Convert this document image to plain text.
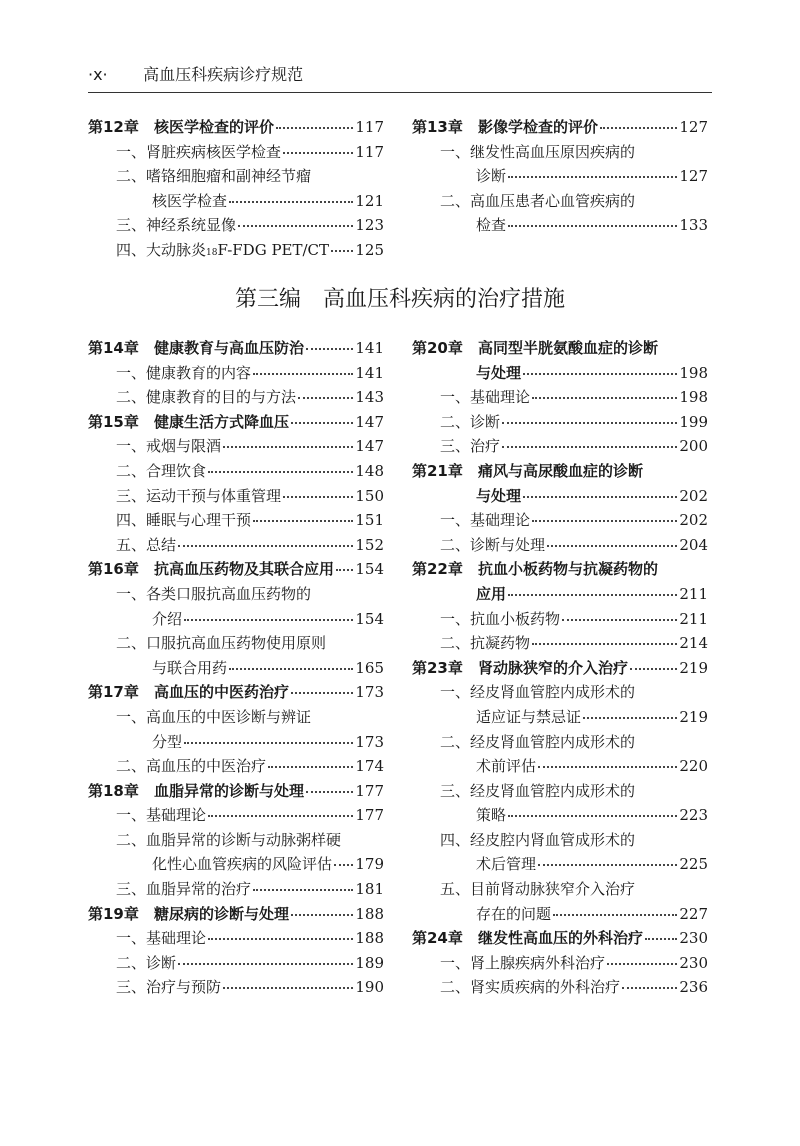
·x· 高血压科疾病诊疗规范
第12章	核医学检查的评价	117
一、肾脏疾病核医学检查	117
二、嗜铬细胞瘤和副神经节瘤
核医学检查	121
三、神经系统显像	123
四、大动脉炎 18 F-FDG PET/CT 125
第13章	影像学检查的评价	127
一、继发性高血压原因疾病的
诊断	127
二、高血压患者心血管疾病的
检查	133
第三编 高血压科疾病的治疗措施
第14章	健康教育与高血压防治	141
一、健康教育的内容	141
二、健康教育的目的与方法	143
第15章	健康生活方式降血压	147
一、戒烟与限酒	147
二、合理饮食	148
三、运动干预与体重管理	150
四、睡眠与心理干预	151
五、总结	152
第16章	抗高血压药物及其联合应用 154
一、各类口服抗高血压药物的
介绍	154
二、口服抗高血压药物使用原则
与联合用药	165
第17章	高血压的中医药治疗	173
一、高血压的中医诊断与辨证
分型	173
二、高血压的中医治疗	174
第18章	血脂异常的诊断与处理	177
一、基础理论	177
二、血脂异常的诊断与动脉粥样硬
化性心血管疾病的风险评估 179
三、血脂异常的治疗	181
第19章	糖尿病的诊断与处理	188
一、基础理论	188
二、诊断	189
三、治疗与预防	190
第20章	高同型半胱氨酸血症的诊断
与处理	198
一、基础理论	198
二、诊断	199
三、治疗	200
第21章	痛风与高尿酸血症的诊断
与处理	202
一、基础理论	202
二、诊断与处理	204
第22章	抗血小板药物与抗凝药物的
应用	211
一、抗血小板药物	211
二、抗凝药物	214
第23章	肾动脉狭窄的介入治疗	219
一、经皮肾血管腔内成形术的
适应证与禁忌证	219
二、经皮肾血管腔内成形术的
术前评估	220
三、经皮肾血管腔内成形术的
策略	223
四、经皮腔内肾血管成形术的
术后管理	225
五、目前肾动脉狭窄介入治疗
存在的问题	227
第24章	继发性高血压的外科治疗 230
一、肾上腺疾病外科治疗	230
二、肾实质疾病的外科治疗	236
